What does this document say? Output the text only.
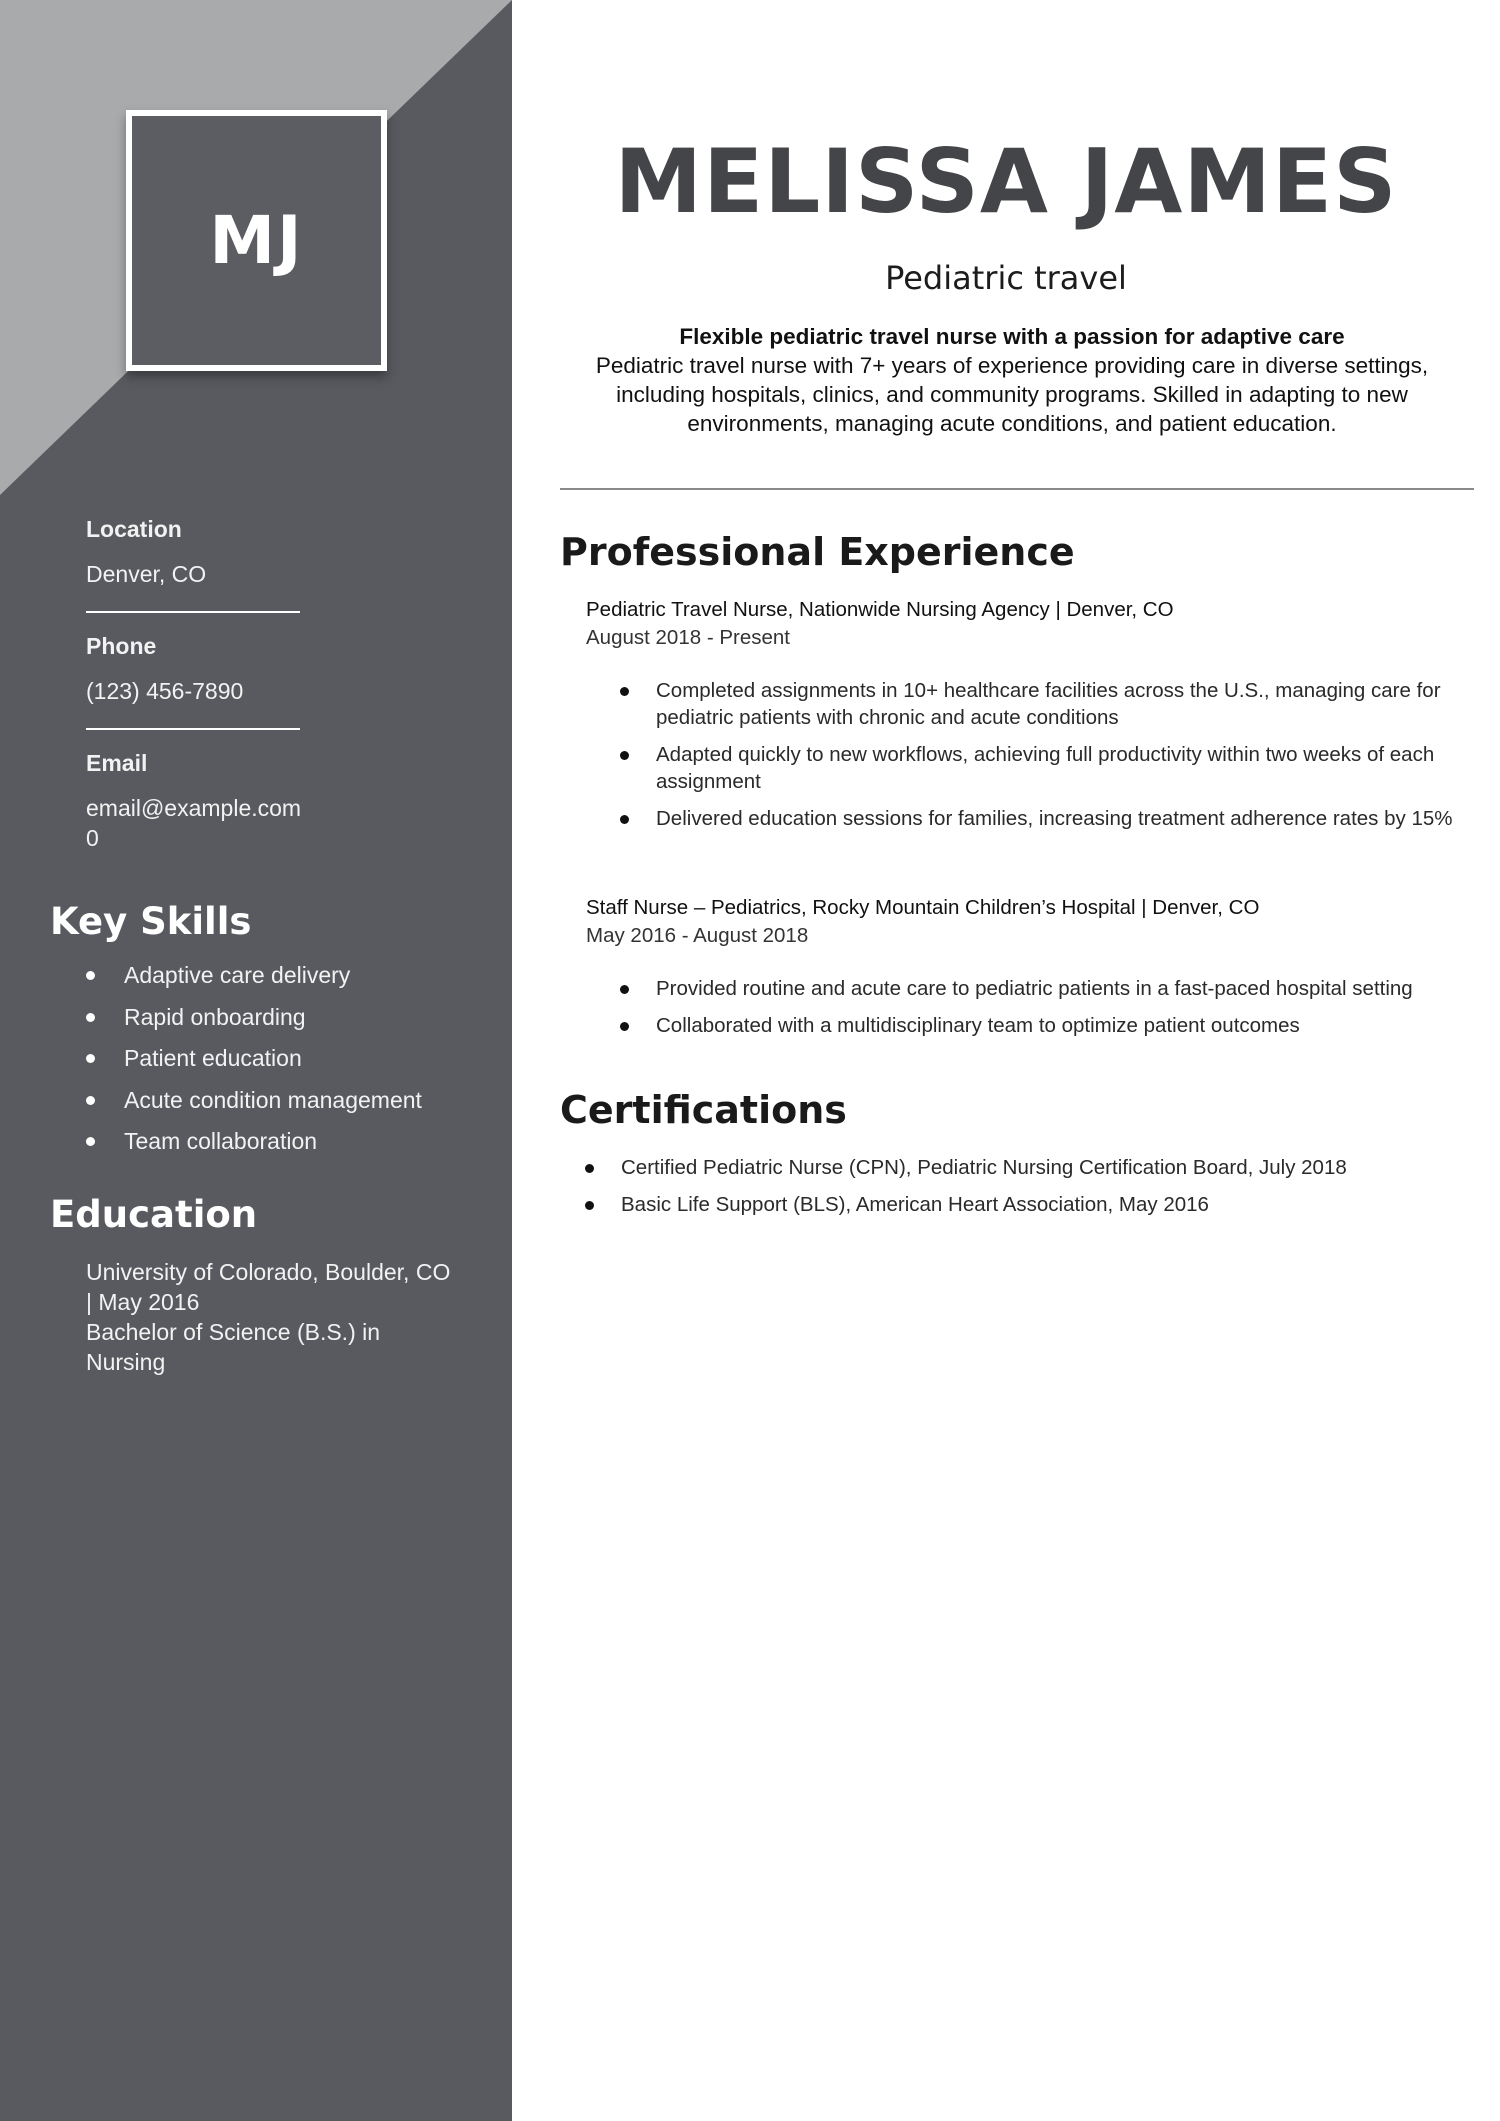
MJ

Location

Denver, CO

Phone

(123) 456-7890

Email

email@example.com

0

Key Skills
Adaptive care delivery
Rapid onboarding
Patient education
Acute condition management
Team collaboration
Education

University of Colorado, Boulder, CO

| May 2016

Bachelor of Science (B.S.) in

Nursing

MELISSA JAMES

Pediatric travel

Flexible pediatric travel nurse with a passion for adaptive care

Pediatric travel nurse with 7+ years of experience providing care in diverse settings, including hospitals, clinics, and community programs. Skilled in adapting to new environments, managing acute conditions, and patient education.

Professional Experience

Pediatric Travel Nurse, Nationwide Nursing Agency | Denver, CO

August 2018 - Present

Completed assignments in 10+ healthcare facilities across the U.S., managing care for pediatric patients with chronic and acute conditions
Adapted quickly to new workflows, achieving full productivity within two weeks of each assignment
Delivered education sessions for families, increasing treatment adherence rates by 15%

Staff Nurse – Pediatrics, Rocky Mountain Children’s Hospital | Denver, CO

May 2016 - August 2018

Provided routine and acute care to pediatric patients in a fast-paced hospital setting
Collaborated with a multidisciplinary team to optimize patient outcomes
Certifications
Certified Pediatric Nurse (CPN), Pediatric Nursing Certification Board, July 2018
Basic Life Support (BLS), American Heart Association, May 2016
